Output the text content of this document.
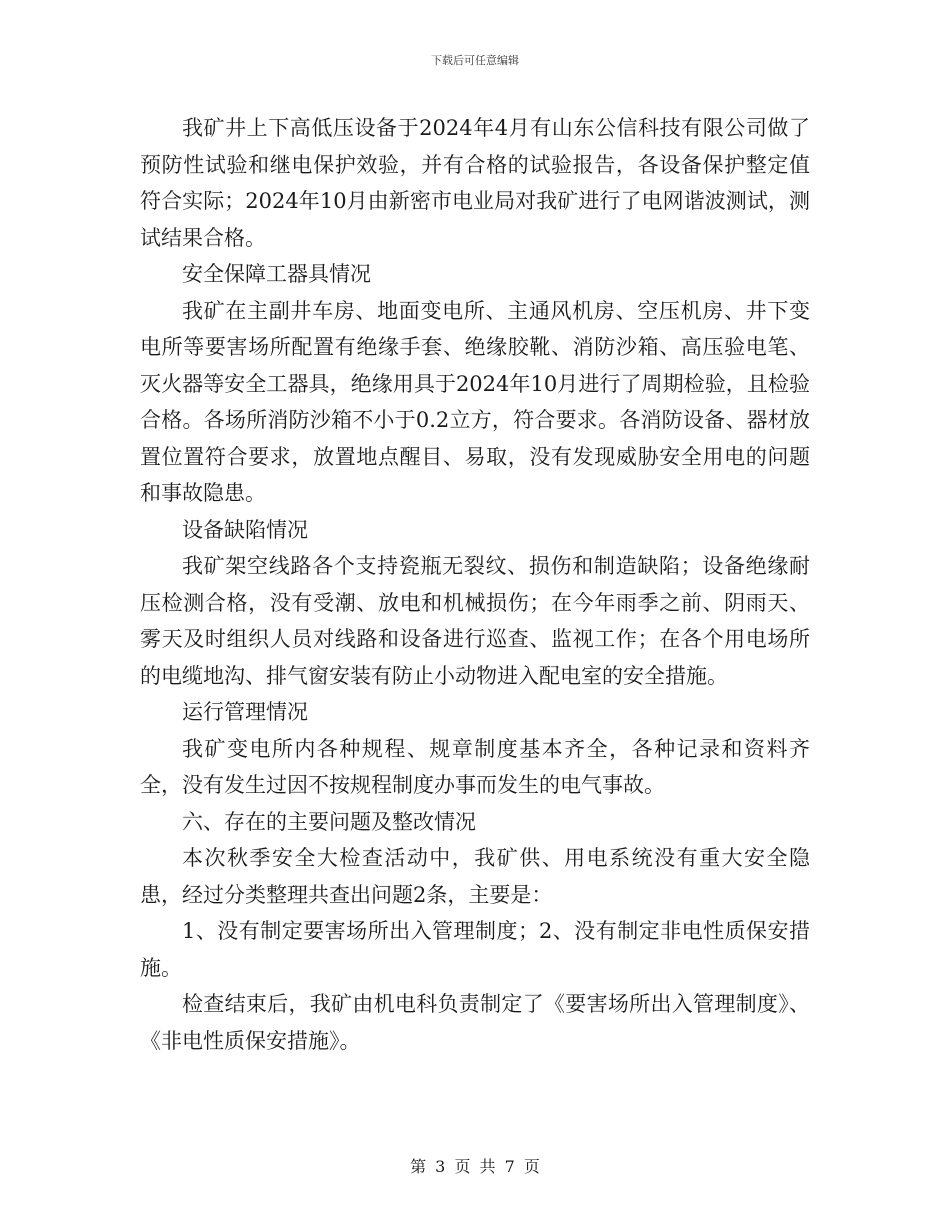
下载后可任意编辑

我矿井上下高低压设备于2024年4月有山东公信科技有限公司做了预防性试验和继电保护效验，并有合格的试验报告，各设备保护整定值符合实际；2024年10月由新密市电业局对我矿进行了电网谐波测试，测试结果合格。

安全保障工器具情况

我矿在主副井车房、地面变电所、主通风机房、空压机房、井下变电所等要害场所配置有绝缘手套、绝缘胶靴、消防沙箱、高压验电笔、灭火器等安全工器具，绝缘用具于2024年10月进行了周期检验，且检验合格。各场所消防沙箱不小于0.2立方，符合要求。各消防设备、器材放置位置符合要求，放置地点醒目、易取，没有发现威胁安全用电的问题和事故隐患。

设备缺陷情况

我矿架空线路各个支持瓷瓶无裂纹、损伤和制造缺陷；设备绝缘耐压检测合格，没有受潮、放电和机械损伤；在今年雨季之前、阴雨天、雾天及时组织人员对线路和设备进行巡查、监视工作；在各个用电场所的电缆地沟、排气窗安装有防止小动物进入配电室的安全措施。

运行管理情况

我矿变电所内各种规程、规章制度基本齐全，各种记录和资料齐全，没有发生过因不按规程制度办事而发生的电气事故。

六、存在的主要问题及整改情况

本次秋季安全大检查活动中，我矿供、用电系统没有重大安全隐患，经过分类整理共查出问题2条，主要是：

1、没有制定要害场所出入管理制度；2、没有制定非电性质保安措施。

检查结束后，我矿由机电科负责制定了《要害场所出入管理制度》、《非电性质保安措施》。

第 3 页 共 7 页
